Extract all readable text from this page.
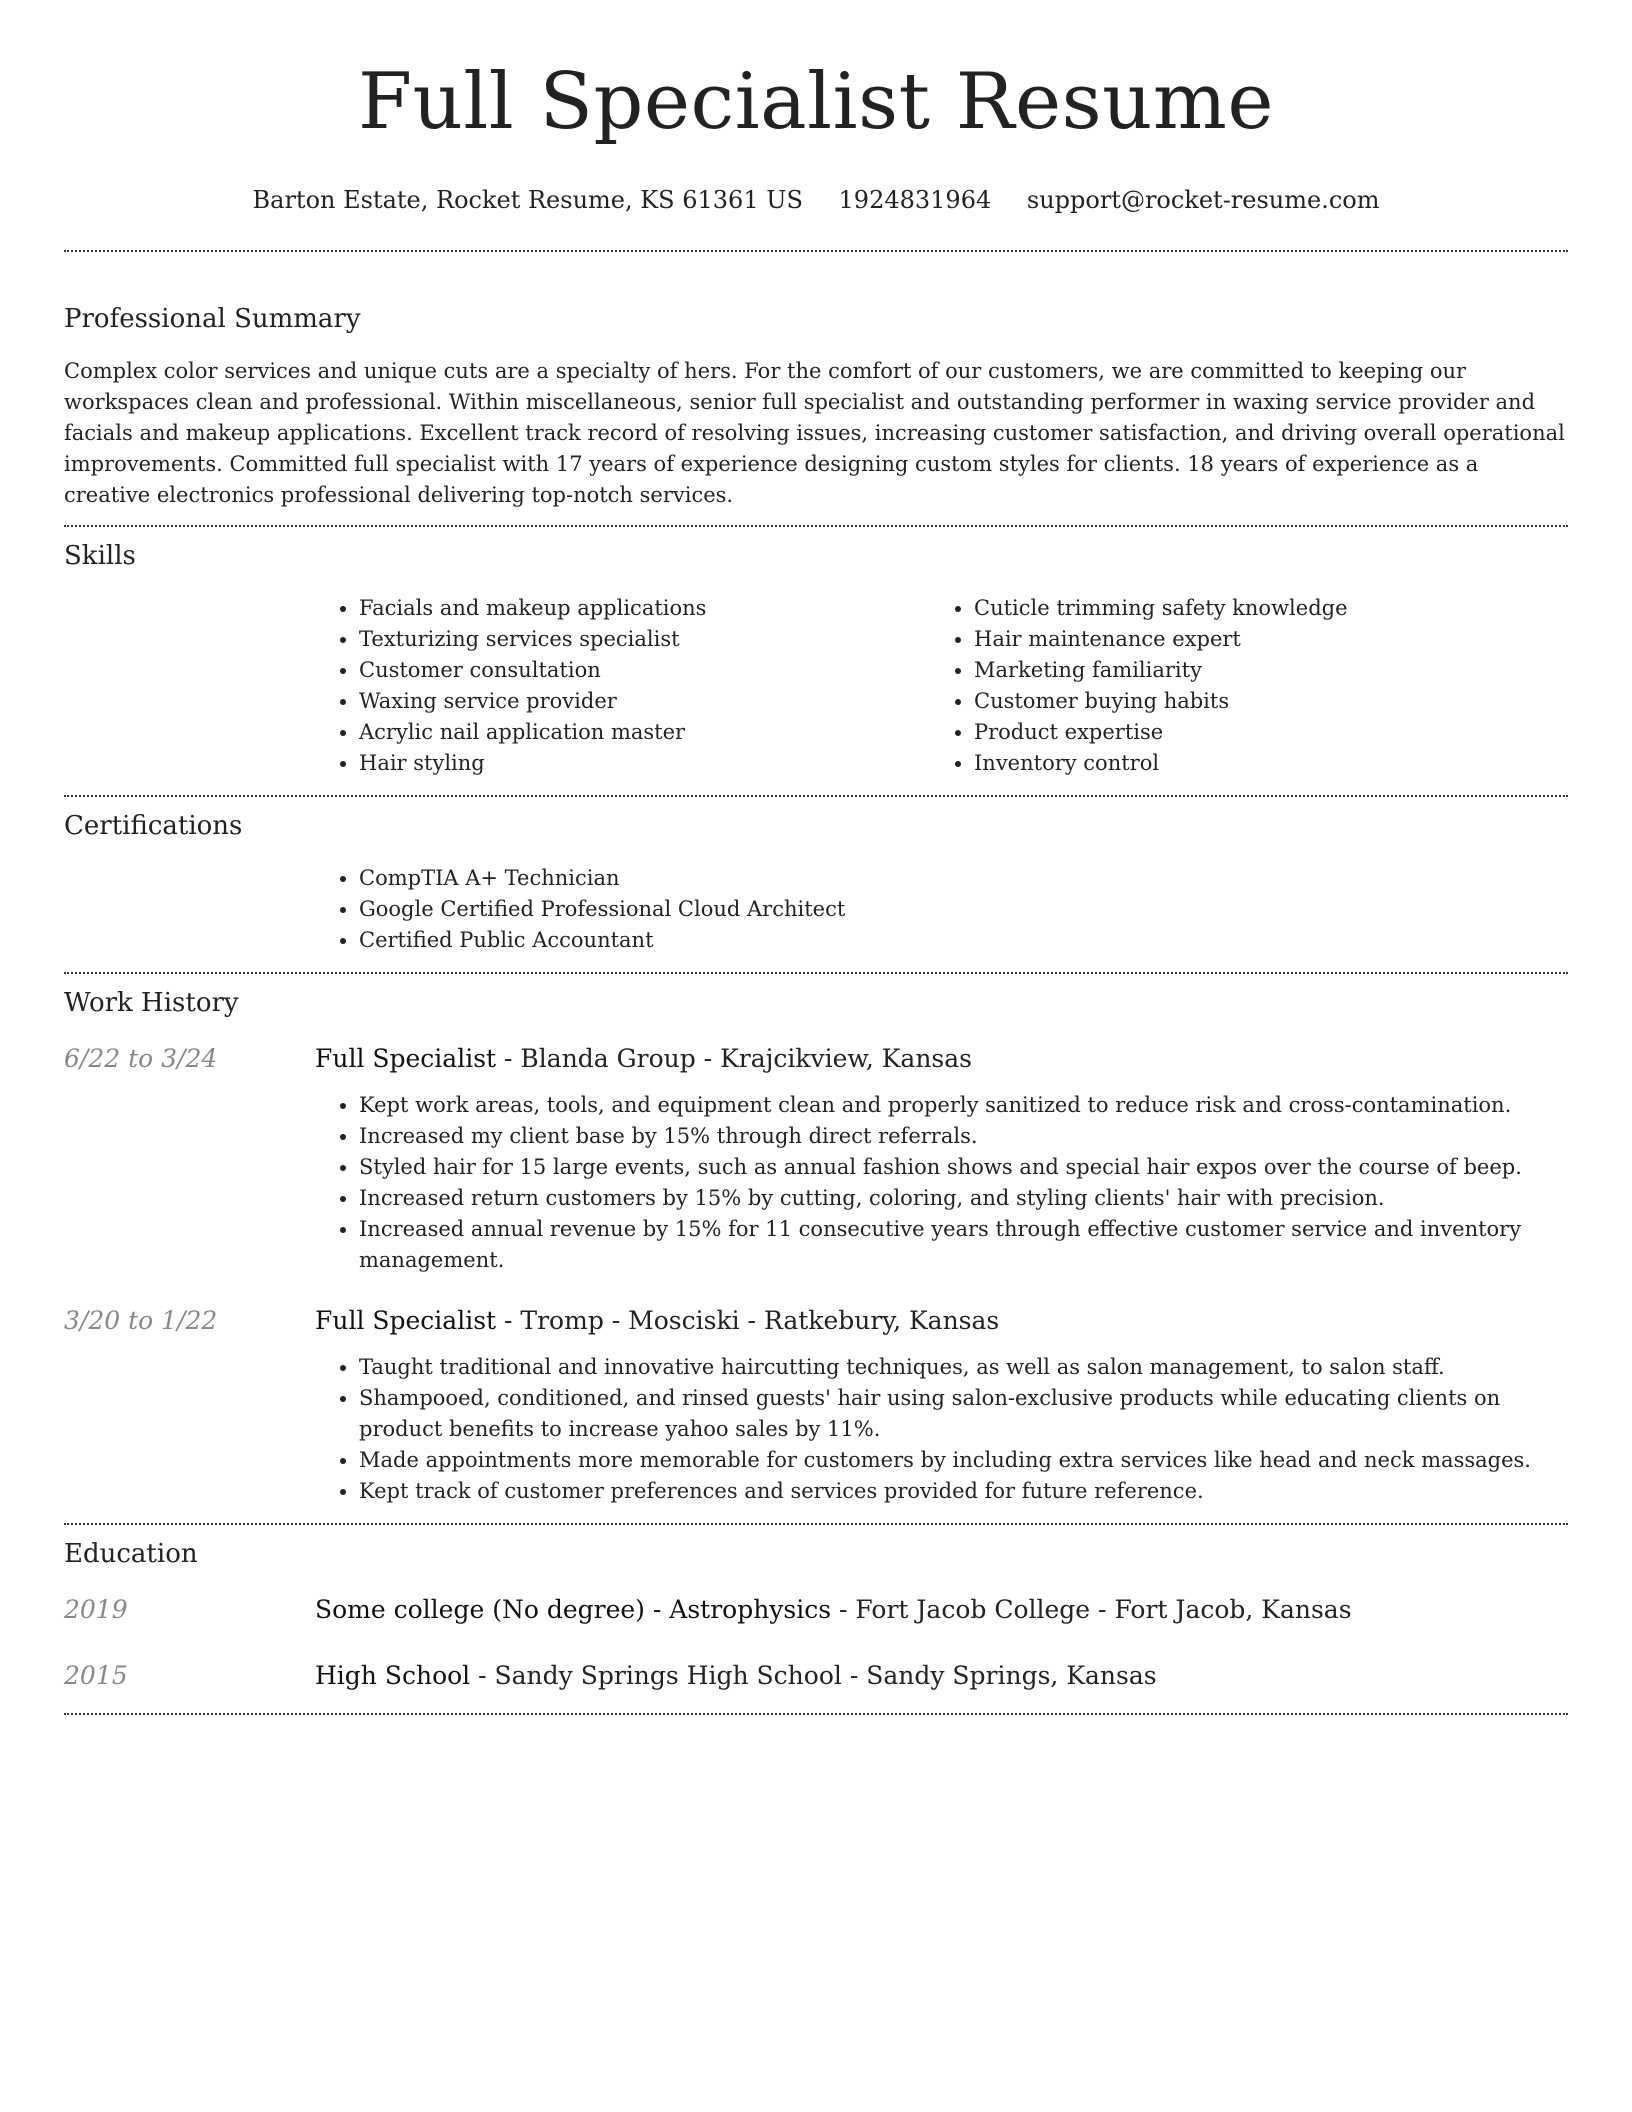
Full Specialist Resume
Barton Estate, Rocket Resume, KS 61361 US 1924831964 support@rocket-resume.com
Professional Summary

Complex color services and unique cuts are a specialty of hers. For the comfort of our customers, we are committed to keeping our workspaces clean and professional. Within miscellaneous, senior full specialist and outstanding performer in waxing service provider and facials and makeup applications. Excellent track record of resolving issues, increasing customer satisfaction, and driving overall operational improvements. Committed full specialist with 17 years of experience designing custom styles for clients. 18 years of experience as a creative electronics professional delivering top-notch services.

Skills
• Facials and makeup applications
• Texturizing services specialist
• Customer consultation
• Waxing service provider
• Acrylic nail application master
• Hair styling
• Cuticle trimming safety knowledge
• Hair maintenance expert
• Marketing familiarity
• Customer buying habits
• Product expertise
• Inventory control
Certifications
• CompTIA A+ Technician
• Google Certified Professional Cloud Architect
• Certified Public Accountant
Work History
6/22 to 3/24	Full Specialist - Blanda Group - Krajcikview, Kansas
• Kept work areas, tools, and equipment clean and properly sanitized to reduce risk and cross-contamination.
• Increased my client base by 15% through direct referrals.
• Styled hair for 15 large events, such as annual fashion shows and special hair expos over the course of beep.
• Increased return customers by 15% by cutting, coloring, and styling clients' hair with precision.
• Increased annual revenue by 15% for 11 consecutive years through effective customer service and inventory management.
3/20 to 1/22	Full Specialist - Tromp - Mosciski - Ratkebury, Kansas
• Taught traditional and innovative haircutting techniques, as well as salon management, to salon staff.
• Shampooed, conditioned, and rinsed guests' hair using salon-exclusive products while educating clients on product benefits to increase yahoo sales by 11%.
• Made appointments more memorable for customers by including extra services like head and neck massages.
• Kept track of customer preferences and services provided for future reference.
Education
2019	Some college (No degree) - Astrophysics - Fort Jacob College - Fort Jacob, Kansas
2015	High School - Sandy Springs High School - Sandy Springs, Kansas
